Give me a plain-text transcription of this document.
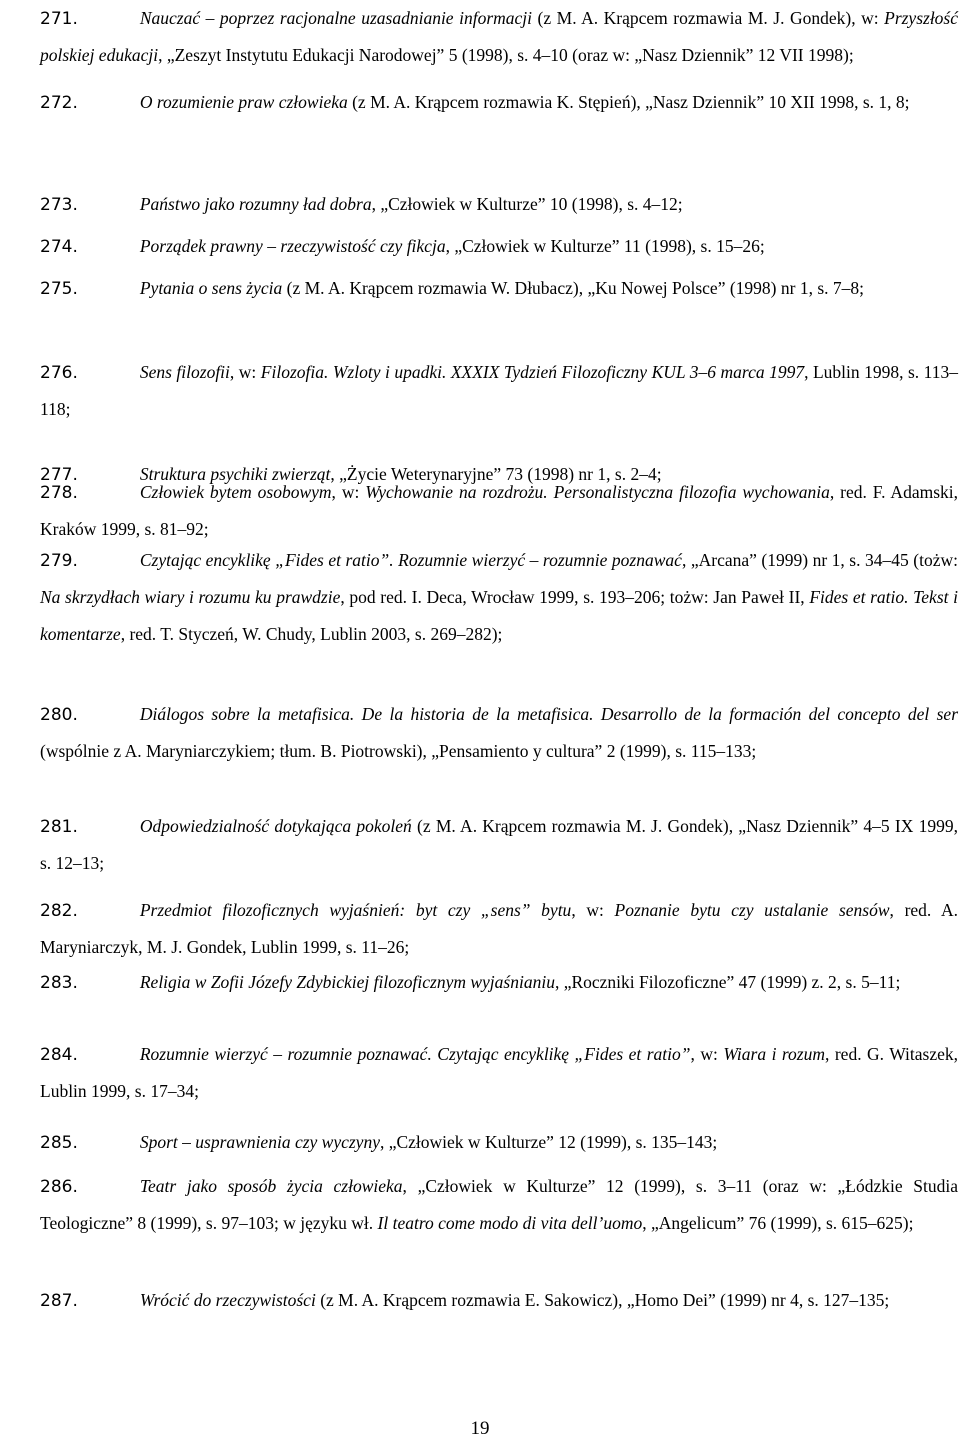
271.	Nauczać – poprzez racjonalne uzasadnianie informacji (z M. A. Krąpcem rozmawia M. J. Gondek), w: Przyszłość polskiej edukacji, „Zeszyt Instytutu Edukacji Narodowej” 5 (1998), s. 4–10 (oraz w: „Nasz Dziennik” 12 VII 1998);
272.	O rozumienie praw człowieka (z M. A. Krąpcem rozmawia K. Stępień), „Nasz Dziennik” 10 XII 1998, s. 1, 8;
273.	Państwo jako rozumny ład dobra, „Człowiek w Kulturze” 10 (1998), s. 4–12;
274.	Porządek prawny – rzeczywistość czy fikcja, „Człowiek w Kulturze” 11 (1998), s. 15–26;
275.	Pytania o sens życia (z M. A. Krąpcem rozmawia W. Dłubacz), „Ku Nowej Polsce” (1998) nr 1, s. 7–8;
276.	Sens filozofii, w: Filozofia. Wzloty i upadki. XXXIX Tydzień Filozoficzny KUL 3–6 marca 1997, Lublin 1998, s. 113–118;
277.	Struktura psychiki zwierząt, „Życie Weterynaryjne” 73 (1998) nr 1, s. 2–4;
278.	Człowiek bytem osobowym, w: Wychowanie na rozdrożu. Personalistyczna filozofia wychowania, red. F. Adamski, Kraków 1999, s. 81–92;
279.	Czytając encyklikę „Fides et ratio”. Rozumnie wierzyć – rozumnie poznawać, „Arcana” (1999) nr 1, s. 34–45 (tożw: Na skrzydłach wiary i rozumu ku prawdzie, pod red. I. Deca, Wrocław 1999, s. 193–206; tożw: Jan Paweł II, Fides et ratio. Tekst i komentarze, red. T. Styczeń, W. Chudy, Lublin 2003, s. 269–282);
280.	Diálogos sobre la metafisica. De la historia de la metafisica. Desarrollo de la formación del concepto del ser (wspólnie z A. Maryniarczykiem; tłum. B. Piotrowski), „Pensamiento y cultura” 2 (1999), s. 115–133;
281.	Odpowiedzialność dotykająca pokoleń (z M. A. Krąpcem rozmawia M. J. Gondek), „Nasz Dziennik” 4–5 IX 1999, s. 12–13;
282.	Przedmiot filozoficznych wyjaśnień: byt czy „sens” bytu, w: Poznanie bytu czy ustalanie sensów, red. A. Maryniarczyk, M. J. Gondek, Lublin 1999, s. 11–26;
283.	Religia w Zofii Józefy Zdybickiej filozoficznym wyjaśnianiu, „Roczniki Filozoficzne” 47 (1999) z. 2, s. 5–11;
284.	Rozumnie wierzyć – rozumnie poznawać. Czytając encyklikę „Fides et ratio”, w: Wiara i rozum, red. G. Witaszek, Lublin 1999, s. 17–34;
285.	Sport – usprawnienia czy wyczyny, „Człowiek w Kulturze” 12 (1999), s. 135–143;
286.	Teatr jako sposób życia człowieka, „Człowiek w Kulturze” 12 (1999), s. 3–11 (oraz w: „Łódzkie Studia Teologiczne” 8 (1999), s. 97–103; w języku wł. Il teatro come modo di vita dell’uomo, „Angelicum” 76 (1999), s. 615–625);
287.	Wrócić do rzeczywistości (z M. A. Krąpcem rozmawia E. Sakowicz), „Homo Dei” (1999) nr 4, s. 127–135;
19
